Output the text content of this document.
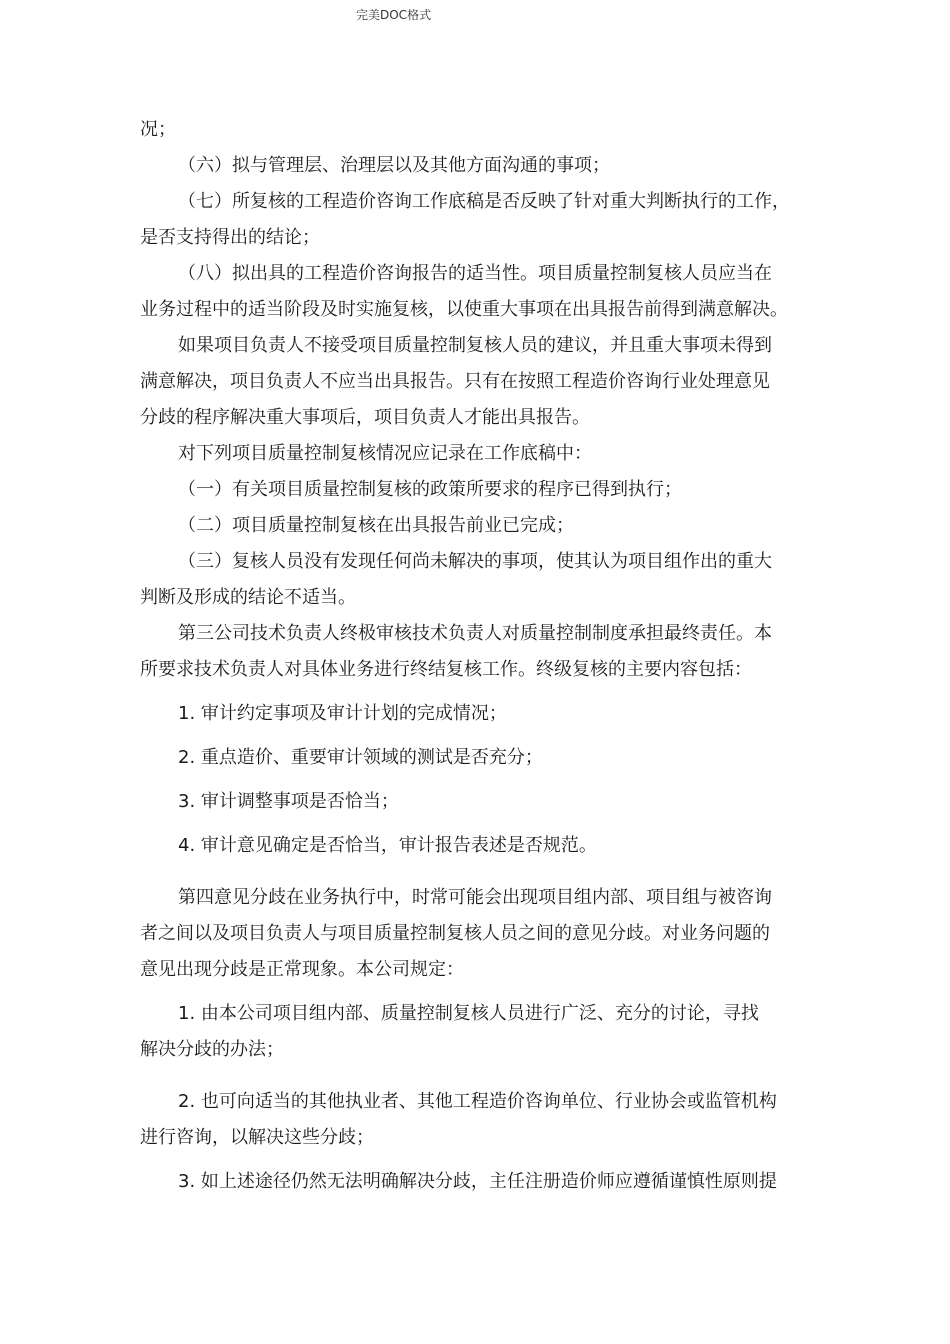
完美DOC格式
况；
（六）拟与管理层、治理层以及其他方面沟通的事项；
（七）所复核的工程造价咨询工作底稿是否反映了针对重大判断执行的工作，
是否支持得出的结论；
（八）拟出具的工程造价咨询报告的适当性。项目质量控制复核人员应当在
业务过程中的适当阶段及时实施复核，以使重大事项在出具报告前得到满意解决。
如果项目负责人不接受项目质量控制复核人员的建议，并且重大事项未得到
满意解决，项目负责人不应当出具报告。只有在按照工程造价咨询行业处理意见
分歧的程序解决重大事项后，项目负责人才能出具报告。
对下列项目质量控制复核情况应记录在工作底稿中：
（一）有关项目质量控制复核的政策所要求的程序已得到执行；
（二）项目质量控制复核在出具报告前业已完成；
（三）复核人员没有发现任何尚未解决的事项，使其认为项目组作出的重大
判断及形成的结论不适当。
第三公司技术负责人终极审核技术负责人对质量控制制度承担最终责任。本
所要求技术负责人对具体业务进行终结复核工作。终级复核的主要内容包括：
1. 审计约定事项及审计计划的完成情况；
2. 重点造价、重要审计领域的测试是否充分；
3. 审计调整事项是否恰当；
4. 审计意见确定是否恰当，审计报告表述是否规范。
第四意见分歧在业务执行中，时常可能会出现项目组内部、项目组与被咨询
者之间以及项目负责人与项目质量控制复核人员之间的意见分歧。对业务问题的
意见出现分歧是正常现象。本公司规定：
1. 由本公司项目组内部、质量控制复核人员进行广泛、充分的讨论，寻找
解决分歧的办法；
2. 也可向适当的其他执业者、其他工程造价咨询单位、行业协会或监管机构
进行咨询，以解决这些分歧；
3. 如上述途径仍然无法明确解决分歧，主任注册造价师应遵循谨慎性原则提
